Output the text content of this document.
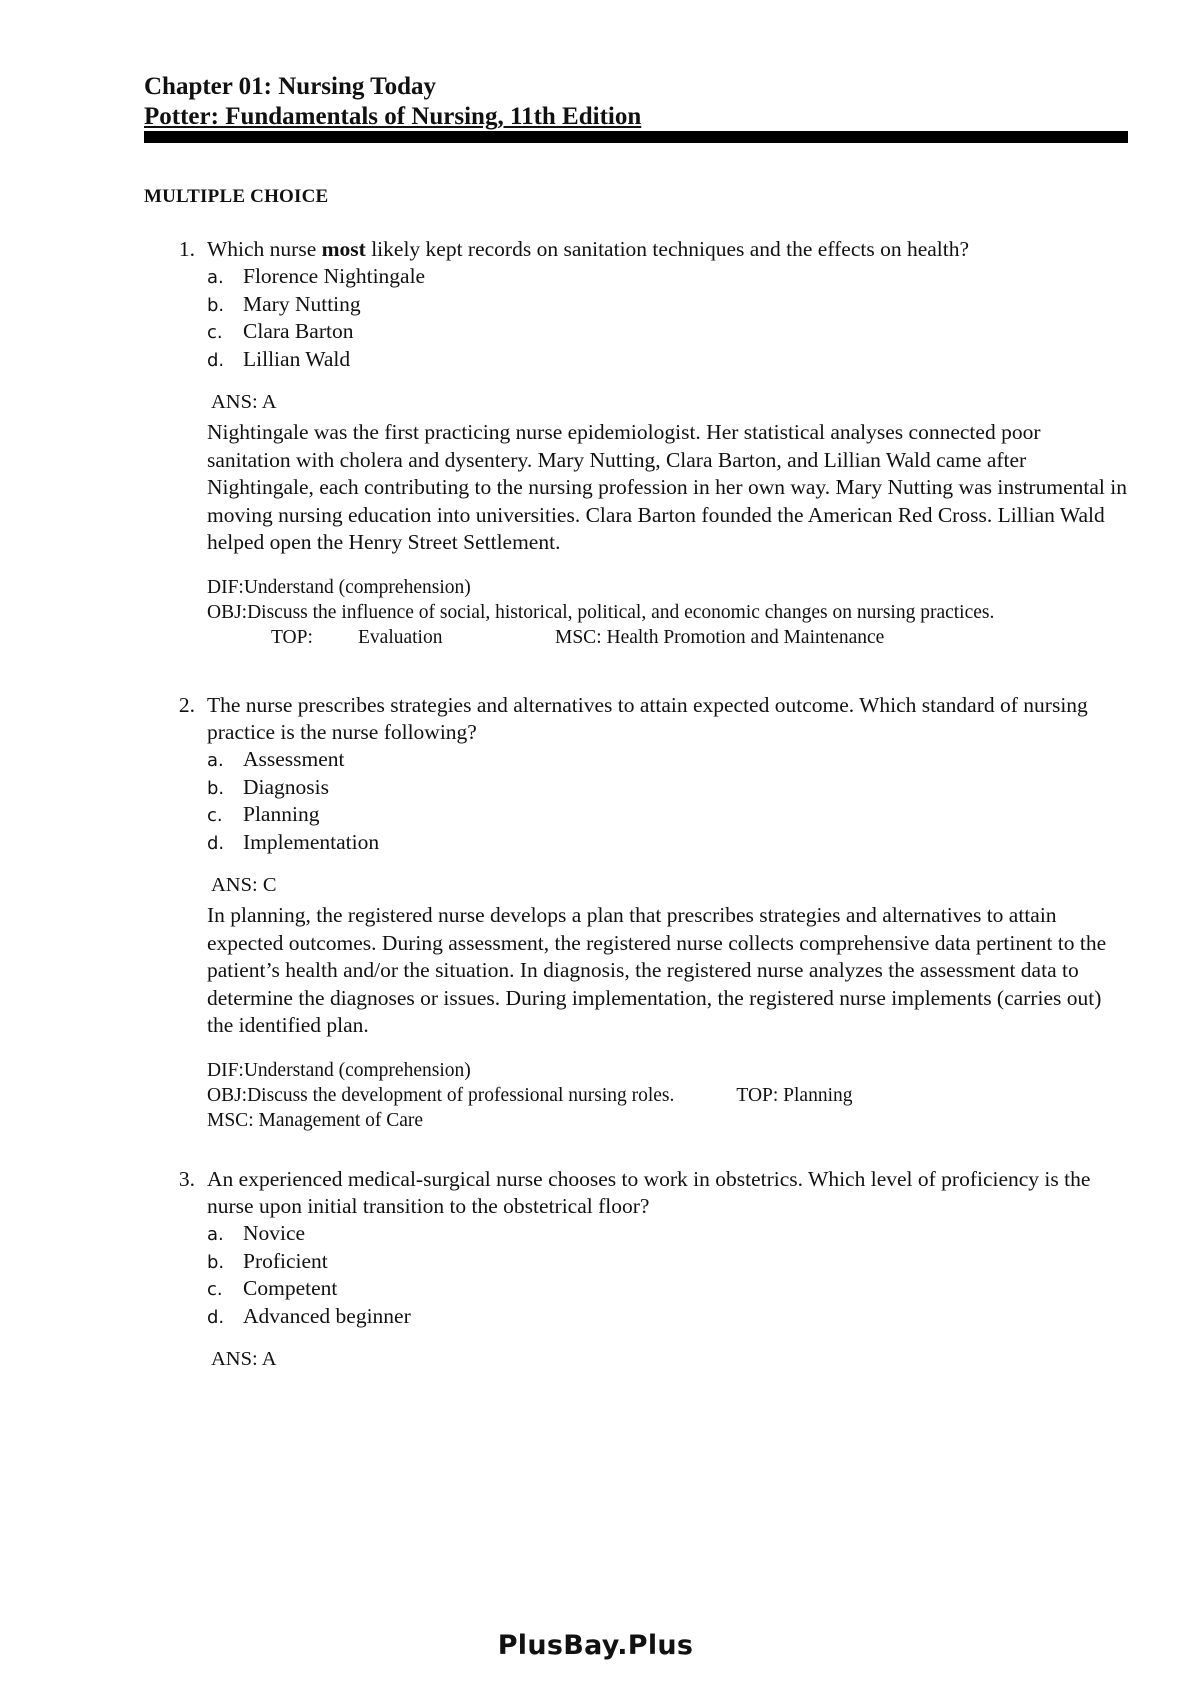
Chapter 01: Nursing Today
Potter: Fundamentals of Nursing, 11th Edition
MULTIPLE CHOICE
1. Which nurse most likely kept records on sanitation techniques and the effects on health?
a. Florence Nightingale
b. Mary Nutting
c. Clara Barton
d. Lillian Wald
ANS: A
Nightingale was the first practicing nurse epidemiologist. Her statistical analyses connected poor sanitation with cholera and dysentery. Mary Nutting, Clara Barton, and Lillian Wald came after Nightingale, each contributing to the nursing profession in her own way. Mary Nutting was instrumental in moving nursing education into universities. Clara Barton founded the American Red Cross. Lillian Wald helped open the Henry Street Settlement.
DIF:Understand (comprehension)
OBJ:Discuss the influence of social, historical, political, and economic changes on nursing practices.
TOP: Evaluation	MSC: Health Promotion and Maintenance
2. The nurse prescribes strategies and alternatives to attain expected outcome. Which standard of nursing practice is the nurse following?
a. Assessment
b. Diagnosis
c. Planning
d. Implementation
ANS: C
In planning, the registered nurse develops a plan that prescribes strategies and alternatives to attain expected outcomes. During assessment, the registered nurse collects comprehensive data pertinent to the patient’s health and/or the situation. In diagnosis, the registered nurse analyzes the assessment data to determine the diagnoses or issues. During implementation, the registered nurse implements (carries out) the identified plan.
DIF:Understand (comprehension)
OBJ:Discuss the development of professional nursing roles.	TOP: Planning
MSC: Management of Care
3. An experienced medical-surgical nurse chooses to work in obstetrics. Which level of proficiency is the nurse upon initial transition to the obstetrical floor?
a. Novice
b. Proficient
c. Competent
d. Advanced beginner
ANS: A
PlusBay.Plus
